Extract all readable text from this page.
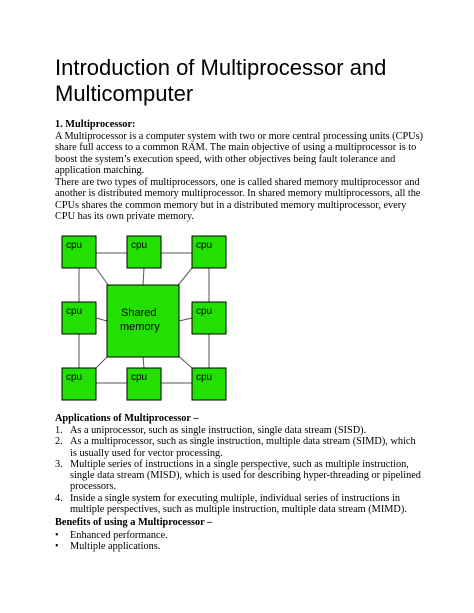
Introduction of Multiprocessor and Multicomputer
1. Multiprocessor:

A Multiprocessor is a computer system with two or more central processing units (CPUs) share full access to a common RAM. The main objective of using a multiprocessor is to boost the system’s execution speed, with other objectives being fault tolerance and application matching.

There are two types of multiprocessors, one is called shared memory multiprocessor and another is distributed memory multiprocessor. In shared memory multiprocessors, all the CPUs shares the common memory but in a distributed memory multiprocessor, every CPU has its own private memory.

cpu	cpu	cpu
cpu	cpu
cpu	cpu	cpu
Shared
memory
Applications of Multiprocessor –
1. As a uniprocessor, such as single instruction, single data stream (SISD).
2. As a multiprocessor, such as single instruction, multiple data stream (SIMD), which is usually used for vector processing.
3. Multiple series of instructions in a single perspective, such as multiple instruction, single data stream (MISD), which is used for describing hyper-threading or pipelined processors.
4. Inside a single system for executing multiple, individual series of instructions in multiple perspectives, such as multiple instruction, multiple data stream (MIMD).
Benefits of using a Multiprocessor –
• Enhanced performance.
• Multiple applications.
